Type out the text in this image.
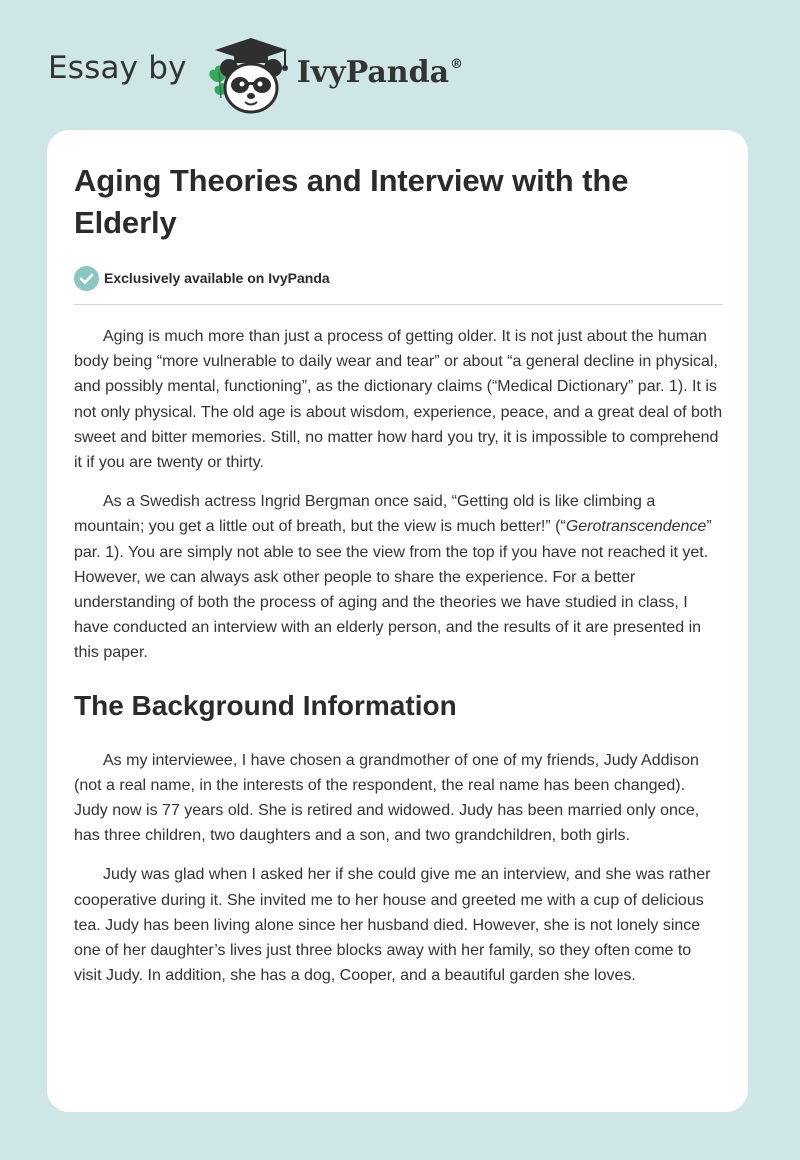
Essay by	IvyPanda®
Aging Theories and Interview with the Elderly
Exclusively available on IvyPanda

Aging is much more than just a process of getting older. It is not just about the human body being “more vulnerable to daily wear and tear” or about “a general decline in physical, and possibly mental, functioning”, as the dictionary claims (“Medical Dictionary” par. 1). It is not only physical. The old age is about wisdom, experience, peace, and a great deal of both sweet and bitter memories. Still, no matter how hard you try, it is impossible to comprehend it if you are twenty or thirty.

As a Swedish actress Ingrid Bergman once said, “Getting old is like climbing a mountain; you get a little out of breath, but the view is much better!” (“Gerotranscendence” par. 1). You are simply not able to see the view from the top if you have not reached it yet. However, we can always ask other people to share the experience. For a better understanding of both the process of aging and the theories we have studied in class, I have conducted an interview with an elderly person, and the results of it are presented in this paper.

The Background Information

As my interviewee, I have chosen a grandmother of one of my friends, Judy Addison (not a real name, in the interests of the respondent, the real name has been changed). Judy now is 77 years old. She is retired and widowed. Judy has been married only once, has three children, two daughters and a son, and two grandchildren, both girls.

Judy was glad when I asked her if she could give me an interview, and she was rather cooperative during it. She invited me to her house and greeted me with a cup of delicious tea. Judy has been living alone since her husband died. However, she is not lonely since one of her daughter’s lives just three blocks away with her family, so they often come to visit Judy. In addition, she has a dog, Cooper, and a beautiful garden she loves.
